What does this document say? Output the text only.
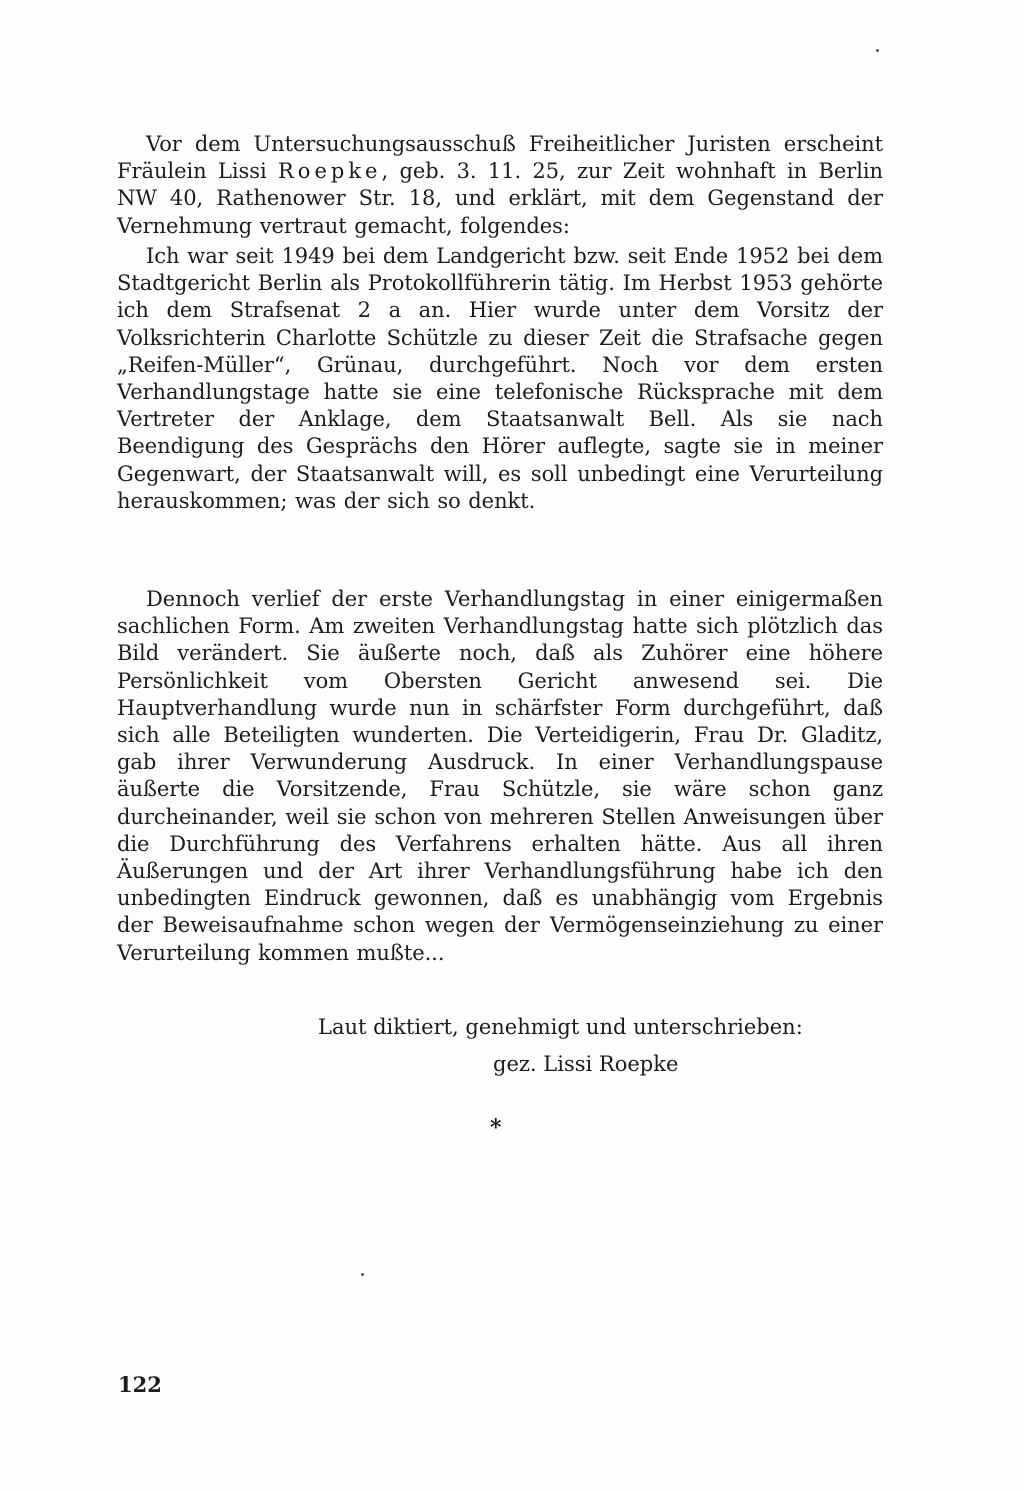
Vor dem Untersuchungsausschuß Freiheitlicher Juristen erscheint Fräulein Lissi Roepke, geb. 3. 11. 25, zur Zeit wohnhaft in Berlin NW 40, Rathenower Str. 18, und erklärt, mit dem Gegenstand der Vernehmung vertraut gemacht, folgendes:

Ich war seit 1949 bei dem Landgericht bzw. seit Ende 1952 bei dem Stadtgericht Berlin als Protokollführerin tätig. Im Herbst 1953 gehörte ich dem Strafsenat 2 a an. Hier wurde unter dem Vorsitz der Volksrichterin Charlotte Schützle zu dieser Zeit die Strafsache gegen „Reifen-Müller“, Grünau, durchgeführt. Noch vor dem ersten Verhandlungstage hatte sie eine telefonische Rücksprache mit dem Vertreter der Anklage, dem Staatsanwalt Bell. Als sie nach Beendigung des Gesprächs den Hörer auflegte, sagte sie in meiner Gegenwart, der Staatsanwalt will, es soll unbedingt eine Verurteilung herauskommen; was der sich so denkt.

Dennoch verlief der erste Verhandlungstag in einer einigermaßen sachlichen Form. Am zweiten Verhandlungstag hatte sich plötzlich das Bild verändert. Sie äußerte noch, daß als Zuhörer eine höhere Persönlichkeit vom Obersten Gericht anwesend sei. Die Hauptverhandlung wurde nun in schärfster Form durchgeführt, daß sich alle Beteiligten wunderten. Die Verteidigerin, Frau Dr. Gladitz, gab ihrer Verwunderung Ausdruck. In einer Verhandlungspause äußerte die Vorsitzende, Frau Schützle, sie wäre schon ganz durcheinander, weil sie schon von mehreren Stellen Anweisungen über die Durchführung des Verfahrens erhalten hätte. Aus all ihren Äußerungen und der Art ihrer Verhandlungsführung habe ich den unbedingten Eindruck gewonnen, daß es unabhängig vom Ergebnis der Beweisaufnahme schon wegen der Vermögenseinziehung zu einer Verurteilung kommen mußte...

Laut diktiert, genehmigt und unterschrieben:
gez. Lissi Roepke
*
122
